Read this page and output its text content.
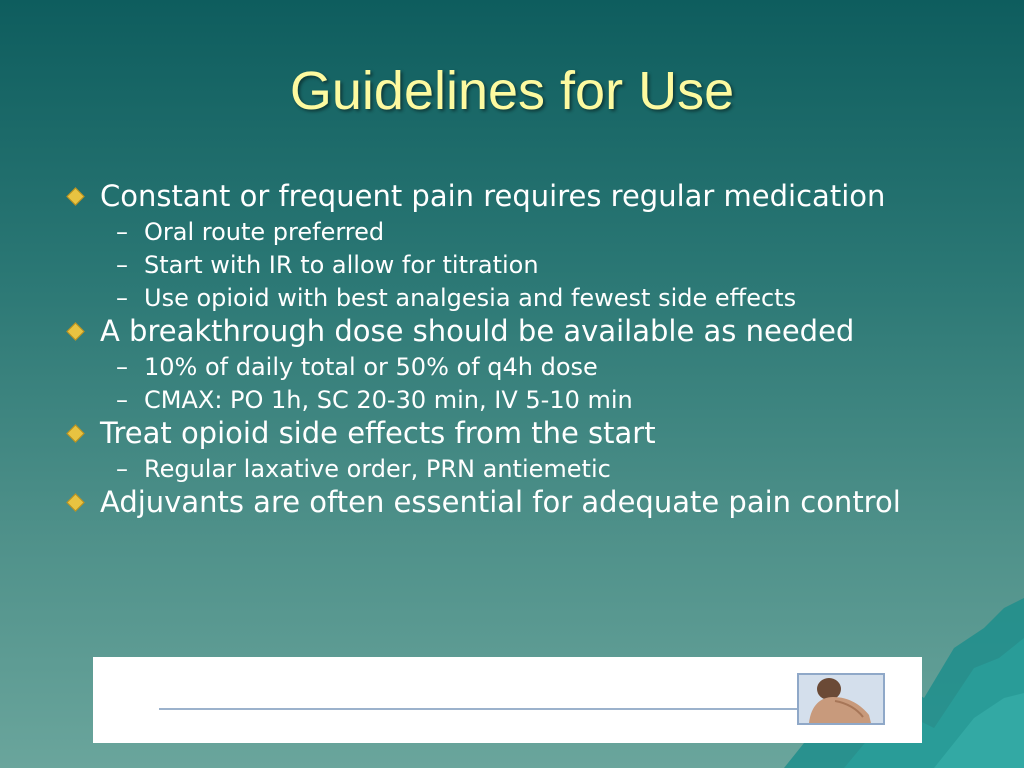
Guidelines for Use
Constant or frequent pain requires regular medication
– Oral route preferred
– Start with IR to allow for titration
– Use opioid with best analgesia and fewest side effects
A breakthrough dose should be available as needed
– 10% of daily total or 50% of q4h dose
– CMAX: PO 1h, SC 20-30 min, IV 5-10 min
Treat opioid side effects from the start
– Regular laxative order, PRN antiemetic
Adjuvants are often essential for adequate pain control
